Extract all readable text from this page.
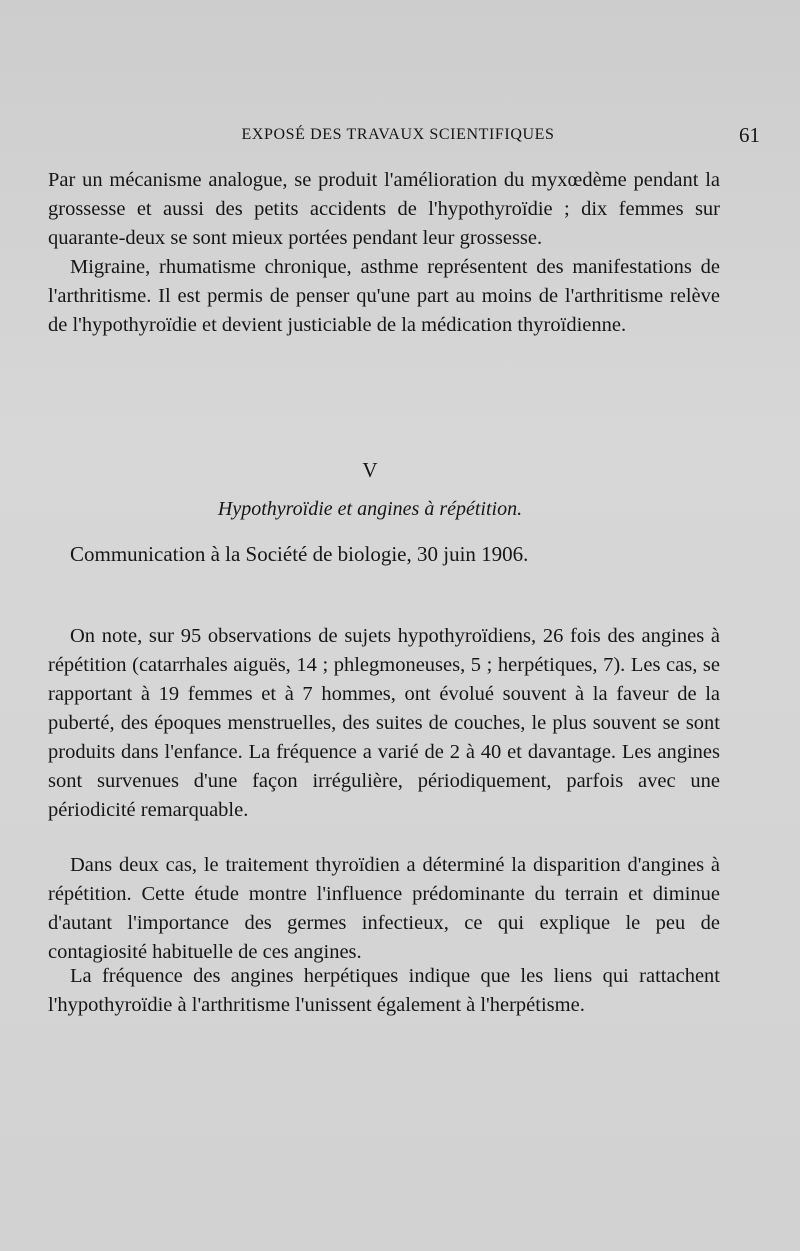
EXPOSÉ DES TRAVAUX SCIENTIFIQUES	61

Par un mécanisme analogue, se produit l'amélioration du myxœdème pendant la grossesse et aussi des petits accidents de l'hypothyroïdie ; dix femmes sur quarante-deux se sont mieux portées pendant leur grossesse.

Migraine, rhumatisme chronique, asthme représentent des manifestations de l'arthritisme. Il est permis de penser qu'une part au moins de l'arthritisme relève de l'hypothyroïdie et devient justiciable de la médication thyroïdienne.

V
Hypothyroïdie et angines à répétition.
Communication à la Société de biologie, 30 juin 1906.

On note, sur 95 observations de sujets hypothyroïdiens, 26 fois des angines à répétition (catarrhales aiguës, 14 ; phlegmoneuses, 5 ; herpétiques, 7). Les cas, se rapportant à 19 femmes et à 7 hommes, ont évolué souvent à la faveur de la puberté, des époques menstruelles, des suites de couches, le plus souvent se sont produits dans l'enfance. La fréquence a varié de 2 à 40 et davantage. Les angines sont survenues d'une façon irrégulière, périodiquement, parfois avec une périodicité remarquable.

Dans deux cas, le traitement thyroïdien a déterminé la disparition d'angines à répétition. Cette étude montre l'influence prédominante du terrain et diminue d'autant l'importance des germes infectieux, ce qui explique le peu de contagiosité habituelle de ces angines.

La fréquence des angines herpétiques indique que les liens qui rattachent l'hypothyroïdie à l'arthritisme l'unissent également à l'herpétisme.
